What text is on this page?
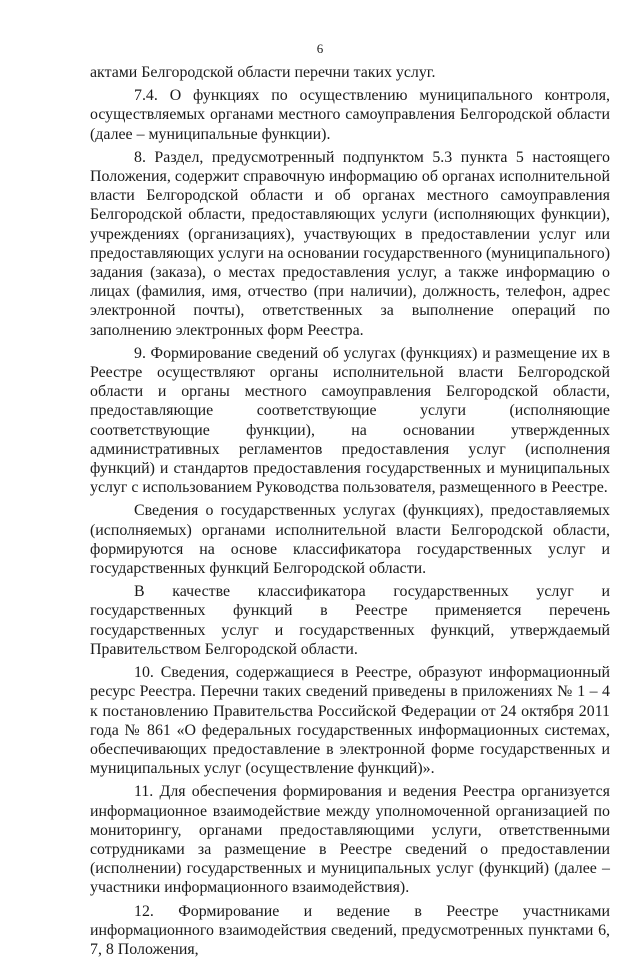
6

актами Белгородской области перечни таких услуг.

7.4. О функциях по осуществлению муниципального контроля, осуществляемых органами местного самоуправления Белгородской области (далее – муниципальные функции).

8. Раздел, предусмотренный подпунктом 5.3 пункта 5 настоящего Положения, содержит справочную информацию об органах исполнительной власти Белгородской области и об органах местного самоуправления Белгородской области, предоставляющих услуги (исполняющих функции), учреждениях (организациях), участвующих в предоставлении услуг или предоставляющих услуги на основании государственного (муниципального) задания (заказа), о местах предоставления услуг, а также информацию о лицах (фамилия, имя, отчество (при наличии), должность, телефон, адрес электронной почты), ответственных за выполнение операций по заполнению электронных форм Реестра.

9. Формирование сведений об услугах (функциях) и размещение их в Реестре осуществляют органы исполнительной власти Белгородской области и органы местного самоуправления Белгородской области, предоставляющие соответствующие услуги (исполняющие соответствующие функции), на основании утвержденных административных регламентов предоставления услуг (исполнения функций) и стандартов предоставления государственных и муниципальных услуг с использованием Руководства пользователя, размещенного в Реестре.

Сведения о государственных услугах (функциях), предоставляемых (исполняемых) органами исполнительной власти Белгородской области, формируются на основе классификатора государственных услуг и государственных функций Белгородской области.

В качестве классификатора государственных услуг и государственных функций в Реестре применяется перечень государственных услуг и государственных функций, утверждаемый Правительством Белгородской области.

10. Сведения, содержащиеся в Реестре, образуют информационный ресурс Реестра. Перечни таких сведений приведены в приложениях № 1 – 4 к постановлению Правительства Российской Федерации от 24 октября 2011 года № 861 «О федеральных государственных информационных системах, обеспечивающих предоставление в электронной форме государственных и муниципальных услуг (осуществление функций)».

11. Для обеспечения формирования и ведения Реестра организуется информационное взаимодействие между уполномоченной организацией по мониторингу, органами предоставляющими услуги, ответственными сотрудниками за размещение в Реестре сведений о предоставлении (исполнении) государственных и муниципальных услуг (функций) (далее – участники информационного взаимодействия).

12. Формирование и ведение в Реестре участниками информационного взаимодействия сведений, предусмотренных пунктами 6, 7, 8 Положения,
